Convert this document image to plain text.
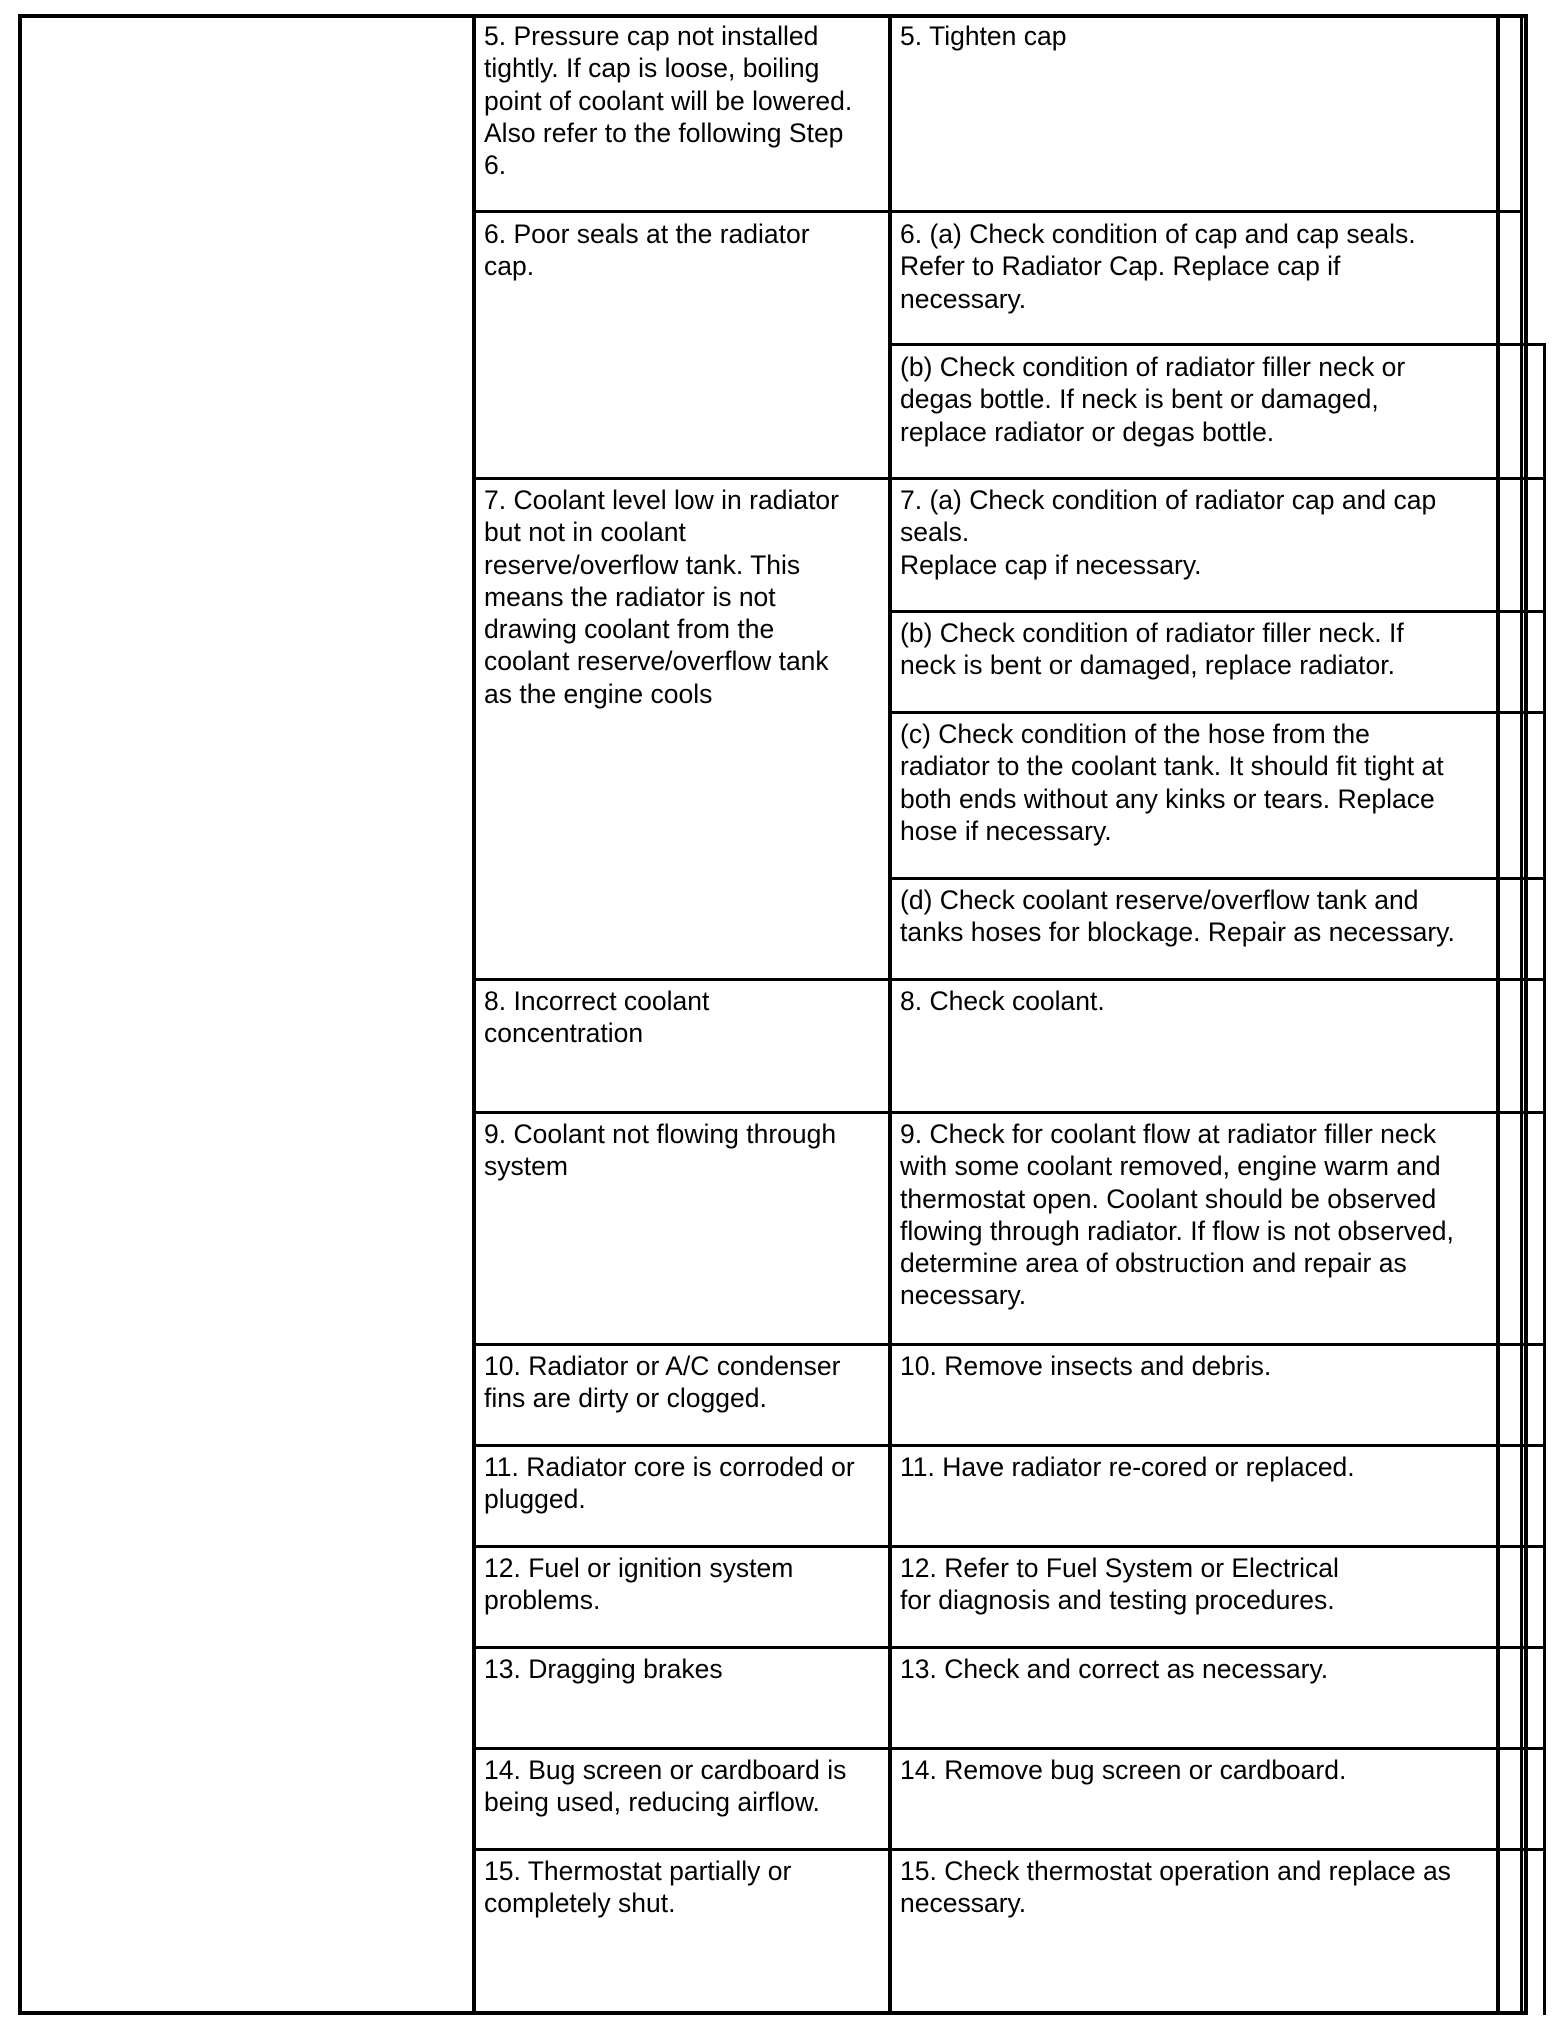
5. Pressure cap not installed
tightly. If cap is loose, boiling
point of coolant will be lowered.
Also refer to the following Step
6.
5. Tighten cap
6. Poor seals at the radiator
cap.
6. (a) Check condition of cap and cap seals.
Refer to Radiator Cap. Replace cap if
necessary.
(b) Check condition of radiator filler neck or
degas bottle. If neck is bent or damaged,
replace radiator or degas bottle.
7. Coolant level low in radiator
but not in coolant
reserve/overflow tank. This
means the radiator is not
drawing coolant from the
coolant reserve/overflow tank
as the engine cools
7. (a) Check condition of radiator cap and cap
seals.
Replace cap if necessary.
(b) Check condition of radiator filler neck. If
neck is bent or damaged, replace radiator.
(c) Check condition of the hose from the
radiator to the coolant tank. It should fit tight at
both ends without any kinks or tears. Replace
hose if necessary.
(d) Check coolant reserve/overflow tank and
tanks hoses for blockage. Repair as necessary.
8. Incorrect coolant
concentration
8. Check coolant.
9. Coolant not flowing through
system
9. Check for coolant flow at radiator filler neck
with some coolant removed, engine warm and
thermostat open. Coolant should be observed
flowing through radiator. If flow is not observed,
determine area of obstruction and repair as
necessary.
10. Radiator or A/C condenser
fins are dirty or clogged.
10. Remove insects and debris.
11. Radiator core is corroded or
plugged.
11. Have radiator re-cored or replaced.
12. Fuel or ignition system
problems.
12. Refer to Fuel System or Electrical
for diagnosis and testing procedures.
13. Dragging brakes	13. Check and correct as necessary.
14. Bug screen or cardboard is
being used, reducing airflow.
14. Remove bug screen or cardboard.
15. Thermostat partially or
completely shut.
15. Check thermostat operation and replace as
necessary.
